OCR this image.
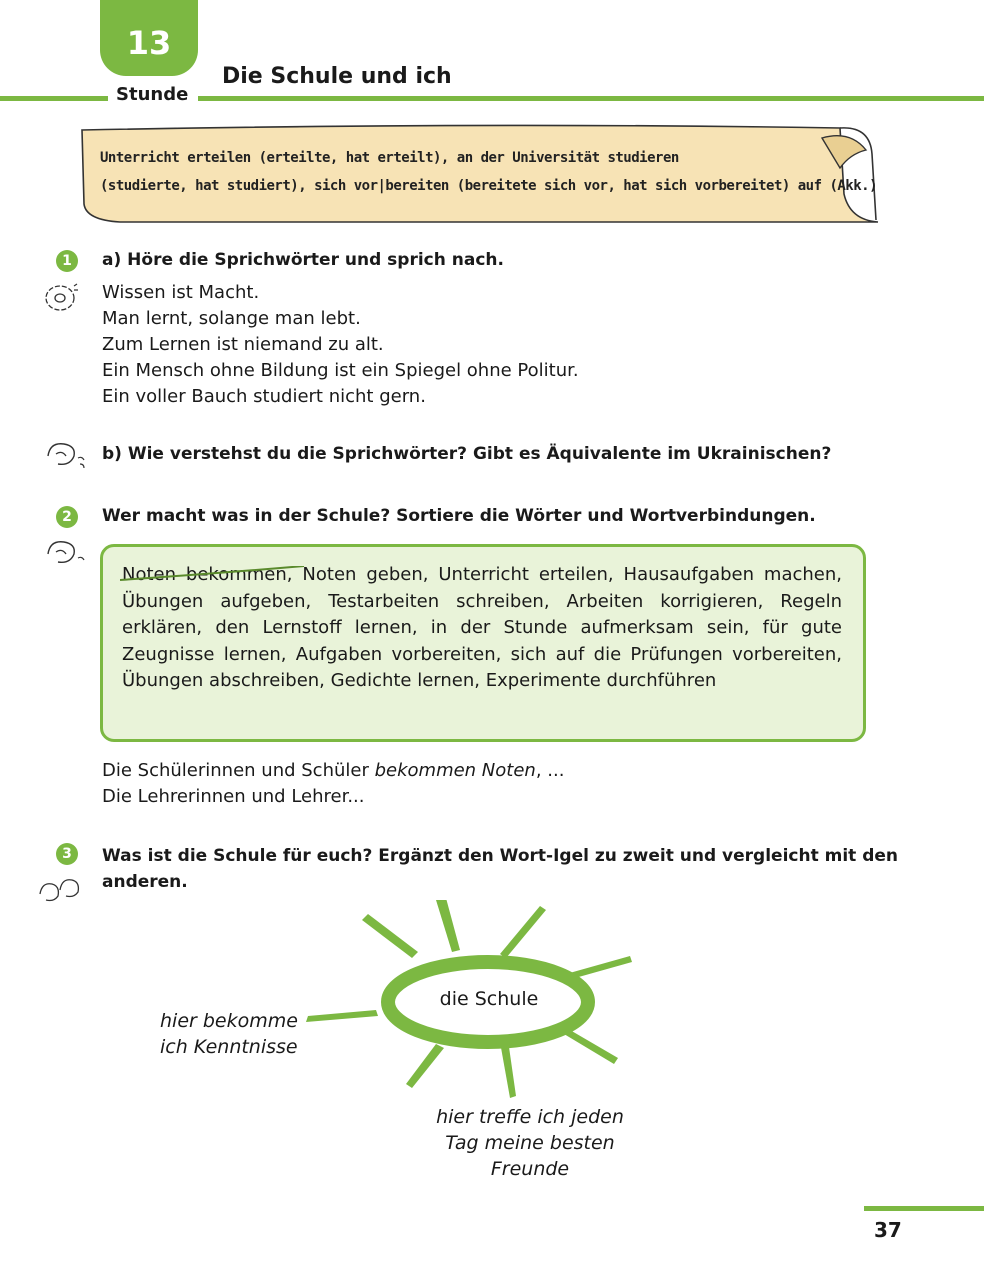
13
Stunde
Die Schule und ich
Unterricht erteilen (erteilte, hat erteilt), an der Universität studieren
(studierte, hat studiert), sich vor|bereiten (bereitete sich vor, hat sich vorbereitet) auf (Akk.)
1	a) Höre die Sprichwörter und sprich nach.
Wissen ist Macht.
Man lernt, solange man lebt.
Zum Lernen ist niemand zu alt.
Ein Mensch ohne Bildung ist ein Spiegel ohne Politur.
Ein voller Bauch studiert nicht gern.
b) Wie verstehst du die Sprichwörter? Gibt es Äquivalente im Ukrainischen?
2	Wer macht was in der Schule? Sortiere die Wörter und Wortverbindungen.
Noten bekommen
, Noten geben, Unterricht erteilen, Hausaufgaben machen, Übungen aufgeben, Testarbeiten schreiben, Arbeiten korrigieren, Regeln erklären, den Lernstoff lernen, in der Stunde aufmerksam sein, für gute Zeugnisse lernen, Aufgaben vorbereiten, sich auf die Prüfungen vorbereiten, Übungen abschreiben, Gedichte lernen, Experimente durchführen
Die Schülerinnen und Schüler bekommen Noten, ...
Die Lehrerinnen und Lehrer...
3	Was ist die Schule für euch? Ergänzt den Wort-Igel zu zweit und vergleicht mit den
anderen.
die Schule
hier bekomme
ich Kenntnisse
hier treffe ich jeden
Tag meine besten
Freunde
37
